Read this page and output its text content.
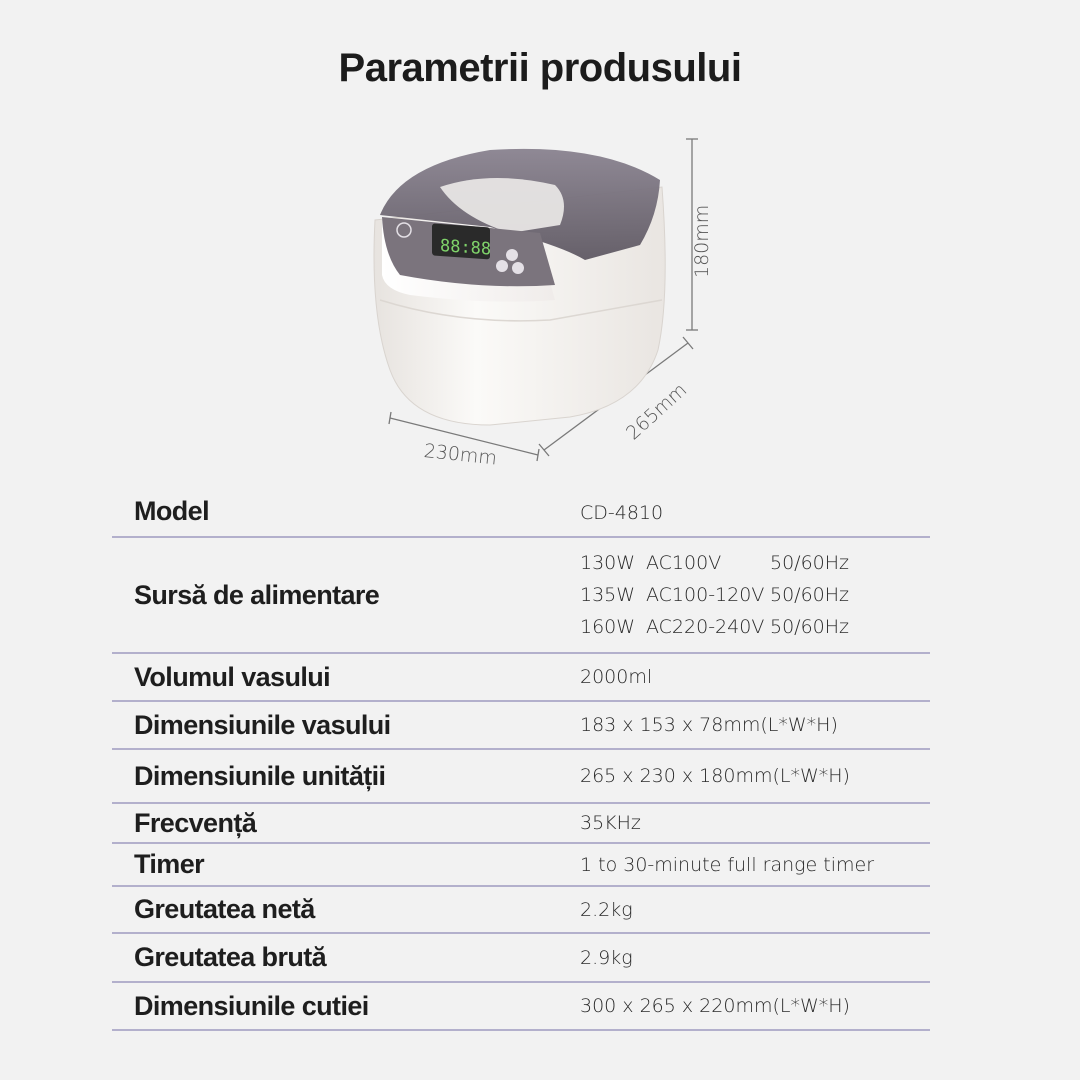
Parametrii produsului
88:88	180mm
265mm
230mm
Model	CD-4810
Sursă de alimentare
130W AC100V	50/60Hz
135W AC100-120V 50/60Hz
160W AC220-240V 50/60Hz
Volumul vasului	2000ml
Dimensiunile vasului	183 x 153 x 78mm(L*W*H)
Dimensiunile unității	265 x 230 x 180mm(L*W*H)
Frecvență	35KHz
Timer	1 to 30-minute full range timer
Greutatea netă	2.2kg
Greutatea brută	2.9kg
Dimensiunile cutiei	300 x 265 x 220mm(L*W*H)
